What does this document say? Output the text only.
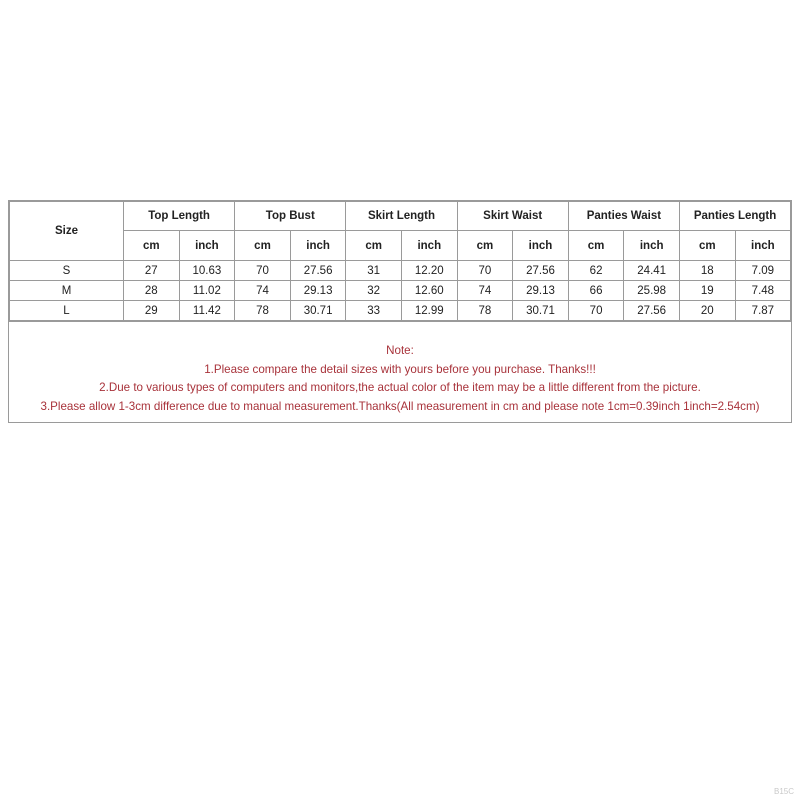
Size	Top Length		Top Bust		Skirt Length		Skirt Waist		Panties Waist		Panties Length	
	cm	inch	cm	inch	cm	inch	cm	inch	cm	inch	cm	inch
S	27	10.63	70	27.56	31	12.20	70	27.56	62	24.41	18	7.09
M	28	11.02	74	29.13	32	12.60	74	29.13	66	25.98	19	7.48
L	29	11.42	78	30.71	33	12.99	78	30.71	70	27.56	20	7.87
Note:
1.Please compare the detail sizes with yours before you purchase. Thanks!!!
2.Due to various types of computers and monitors,the actual color of the item may be a little different from the picture.
3.Please allow 1-3cm difference due to manual measurement.Thanks(All measurement in cm and please note 1cm=0.39inch 1inch=2.54cm)
B15C
